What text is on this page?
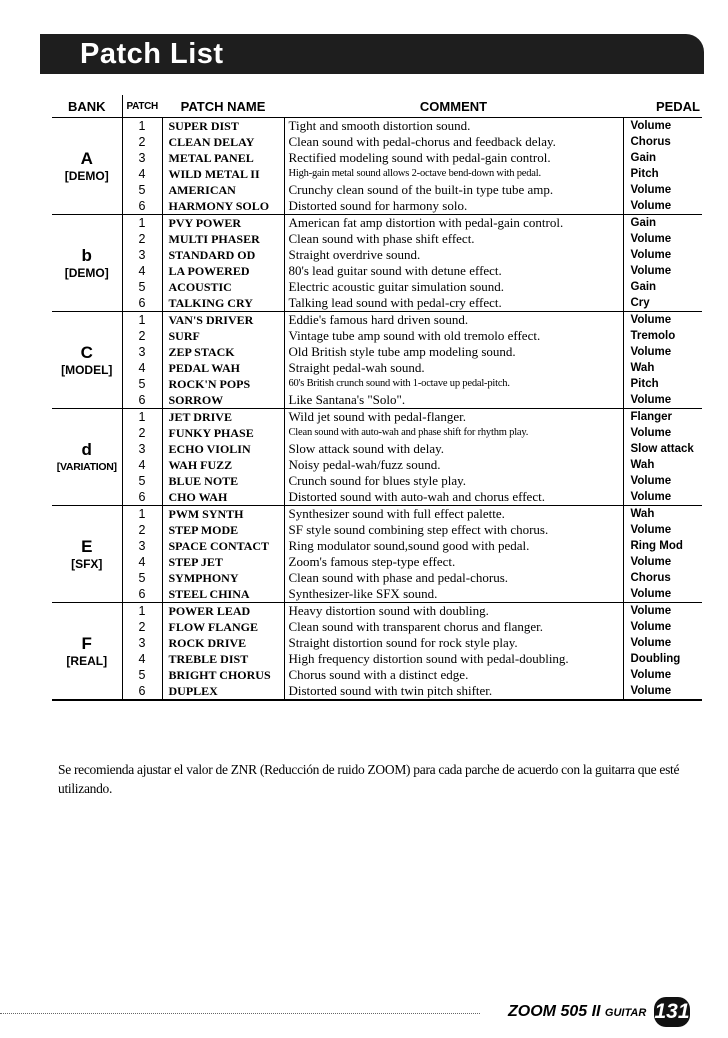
Patch List
BANK	PATCH	PATCH NAME	COMMENT	PEDAL

A
[DEMO]	1	SUPER DIST	Tight and smooth distortion sound.	Volume
	2	CLEAN DELAY	Clean sound with pedal-chorus and feedback delay.	Chorus
	3	METAL PANEL	Rectified modeling sound with pedal-gain control.	Gain
	4	WILD METAL II	High-gain metal sound allows 2-octave bend-down with pedal.	Pitch
	5	AMERICAN	Crunchy clean sound of the built-in type tube amp.	Volume
	6	HARMONY SOLO	Distorted sound for harmony solo.	Volume

b
[DEMO]	1	PVY POWER	American fat amp distortion with pedal-gain control.	Gain
	2	MULTI PHASER	Clean sound with phase shift effect.	Volume
	3	STANDARD OD	Straight overdrive sound.	Volume
	4	LA POWERED	80's lead guitar sound with detune effect.	Volume
	5	ACOUSTIC	Electric acoustic guitar simulation sound.	Gain
	6	TALKING CRY	Talking lead sound with pedal-cry effect.	Cry

C
[MODEL]	1	VAN'S DRIVER	Eddie's famous hard driven sound.	Volume
	2	SURF	Vintage tube amp sound with old tremolo effect.	Tremolo
	3	ZEP STACK	Old British style tube amp modeling sound.	Volume
	4	PEDAL WAH	Straight pedal-wah sound.	Wah
	5	ROCK'N POPS	60's British crunch sound with 1-octave up pedal-pitch.	Pitch
	6	SORROW	Like Santana's "Solo".	Volume

d
[VARIATION]	1	JET DRIVE	Wild jet sound with pedal-flanger.	Flanger
	2	FUNKY PHASE	Clean sound with auto-wah and phase shift for rhythm play.	Volume
	3	ECHO VIOLIN	Slow attack sound with delay.	Slow attack
	4	WAH FUZZ	Noisy pedal-wah/fuzz sound.	Wah
	5	BLUE NOTE	Crunch sound for blues style play.	Volume
	6	CHO WAH	Distorted sound with auto-wah and chorus effect.	Volume

E
[SFX]	1	PWM SYNTH	Synthesizer sound with full effect palette.	Wah
	2	STEP MODE	SF style sound combining step effect with chorus.	Volume
	3	SPACE CONTACT	Ring modulator sound,sound good with pedal.	Ring Mod
	4	STEP JET	Zoom's famous step-type effect.	Volume
	5	SYMPHONY	Clean sound with phase and pedal-chorus.	Chorus
	6	STEEL CHINA	Synthesizer-like SFX sound.	Volume

F
[REAL]	1	POWER LEAD	Heavy distortion sound with doubling.	Volume
	2	FLOW FLANGE	Clean sound with transparent chorus and flanger.	Volume
	3	ROCK DRIVE	Straight distortion sound for rock style play.	Volume
	4	TREBLE DIST	High frequency distortion sound with pedal-doubling.	Doubling
	5	BRIGHT CHORUS	Chorus sound with a distinct edge.	Volume
	6	DUPLEX	Distorted sound with twin pitch shifter.	Volume
Se recomienda ajustar el valor de ZNR (Reducción de ruido ZOOM) para cada parche de acuerdo con la guitarra que esté utilizando.
ZOOM 505 II GUITAR 131
